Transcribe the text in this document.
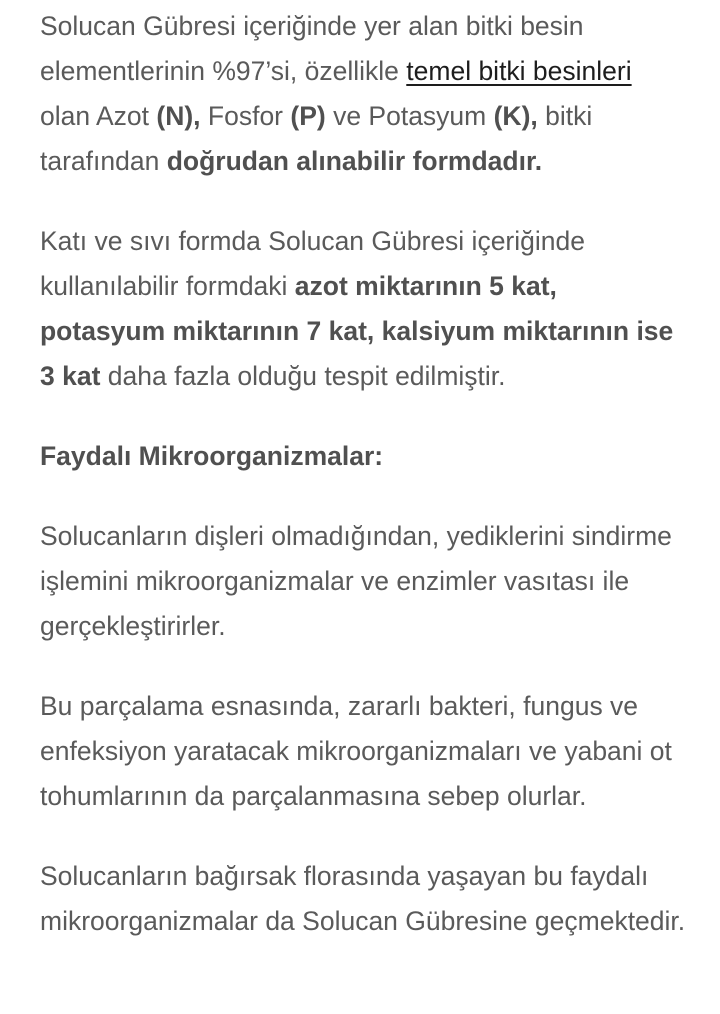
Solucan Gübresi içeriğinde yer alan bitki besin elementlerinin %97’si, özellikle temel bitki besinleri olan Azot (N), Fosfor (P) ve Potasyum (K), bitki tarafından doğrudan alınabilir formdadır.

Katı ve sıvı formda Solucan Gübresi içeriğinde kullanılabilir formdaki azot miktarının 5 kat, potasyum miktarının 7 kat, kalsiyum miktarının ise 3 kat daha fazla olduğu tespit edilmiştir.

Faydalı Mikroorganizmalar:

Solucanların dişleri olmadığından, yediklerini sindirme işlemini mikroorganizmalar ve enzimler vasıtası ile gerçekleştirirler.

Bu parçalama esnasında, zararlı bakteri, fungus ve enfeksiyon yaratacak mikroorganizmaları ve yabani ot tohumlarının da parçalanmasına sebep olurlar.

Solucanların bağırsak florasında yaşayan bu faydalı mikroorganizmalar da Solucan Gübresine geçmektedir.
